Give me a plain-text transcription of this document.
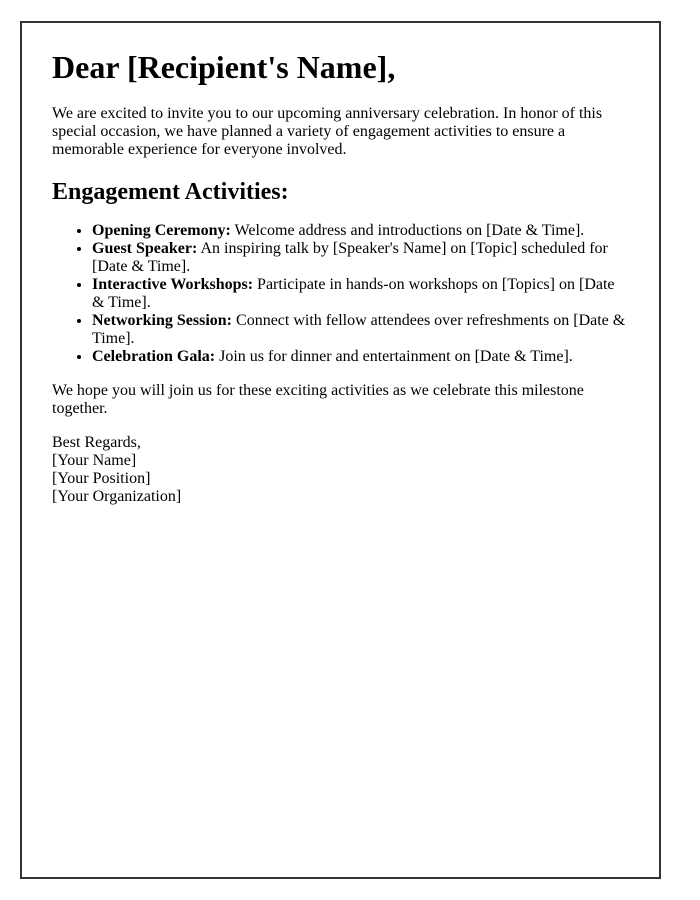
Dear [Recipient's Name],

We are excited to invite you to our upcoming anniversary celebration. In honor of this special occasion, we have planned a variety of engagement activities to ensure a memorable experience for everyone involved.

Engagement Activities:
• Opening Ceremony: Welcome address and introductions on [Date & Time].
• Guest Speaker: An inspiring talk by [Speaker's Name] on [Topic] scheduled for [Date & Time].
• Interactive Workshops: Participate in hands-on workshops on [Topics] on [Date & Time].
• Networking Session: Connect with fellow attendees over refreshments on [Date & Time].
• Celebration Gala: Join us for dinner and entertainment on [Date & Time].

We hope you will join us for these exciting activities as we celebrate this milestone together.

Best Regards,
[Your Name]
[Your Position]
[Your Organization]
